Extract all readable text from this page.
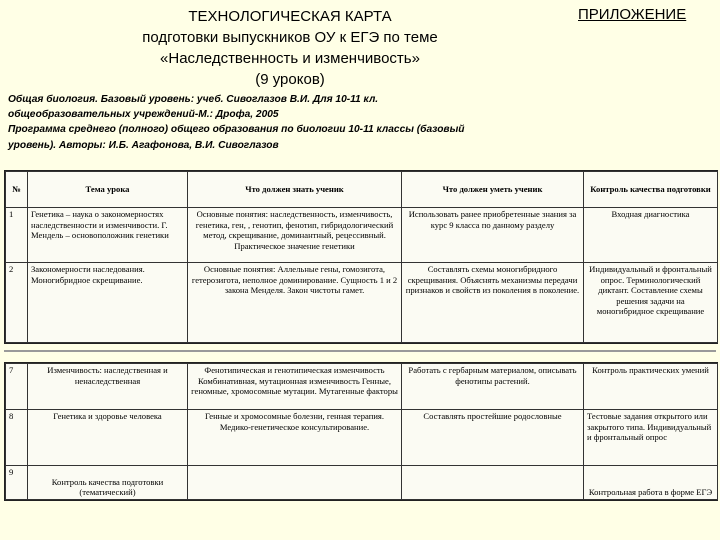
ТЕХНОЛОГИЧЕСКАЯ КАРТА
подготовки выпускников ОУ к ЕГЭ по теме
«Наследственность и изменчивость»
(9 уроков)
ПРИЛОЖЕНИЕ
Общая биология. Базовый уровень: учеб. Сивоглазов В.И. Для 10-11 кл.
общеобразовательных учреждений-М.: Дрофа, 2005
Программа среднего (полного) общего образования по биологии 10-11 классы (базовый
уровень). Авторы: И.Б. Агафонова, В.И. Сивоглазов
№	Тема урока	Что должен знать ученик	Что должен уметь ученик	Контроль качества подготовки
1	Генетика – наука о закономерностях наследственности и изменчивости. Г. Мендель – основоположник генетики	Основные понятия: наследственность, изменчивость, генетика, ген, , генотип, фенотип, гибридологический метод, скрещивание, доминантный, рецессивный. Практическое значение генетики	Использовать ранее приобретенные знания за курс 9 класса по данному разделу	Входная диагностика
2	Закономерности наследования. Моногибридное скрещивание.	Основные понятия: Аллельные гены, гомозигота, гетерозигота, неполное доминирование. Сущность 1 и 2 закона Менделя. Закон чистоты гамет.	Составлять схемы моногибридного скрещивания. Объяснять механизмы передачи признаков и свойств из поколения в поколение.	Индивидуальный и фронтальный опрос. Терминологический диктант. Составление схемы решения задачи на моногибридное скрещивание
7	Изменчивость: наследственная и ненаследственная	Фенотипическая и генотипическая изменчивость Комбинативная, мутационная изменчивость Генные, геномные, хромосомные мутации. Мутагенные факторы	Работать с гербарным материалом, описывать фенотипы растений.	Контроль практических умений
8	Генетика и здоровье человека	Генные и хромосомные болезни, генная терапия. Медико-генетическое консультирование.	Составлять простейшие родословные	Тестовые задания открытого или закрытого типа. Индивидуальный и фронтальный опрос
9	Контроль качества подготовки (тематический)			Контрольная работа в форме ЕГЭ
